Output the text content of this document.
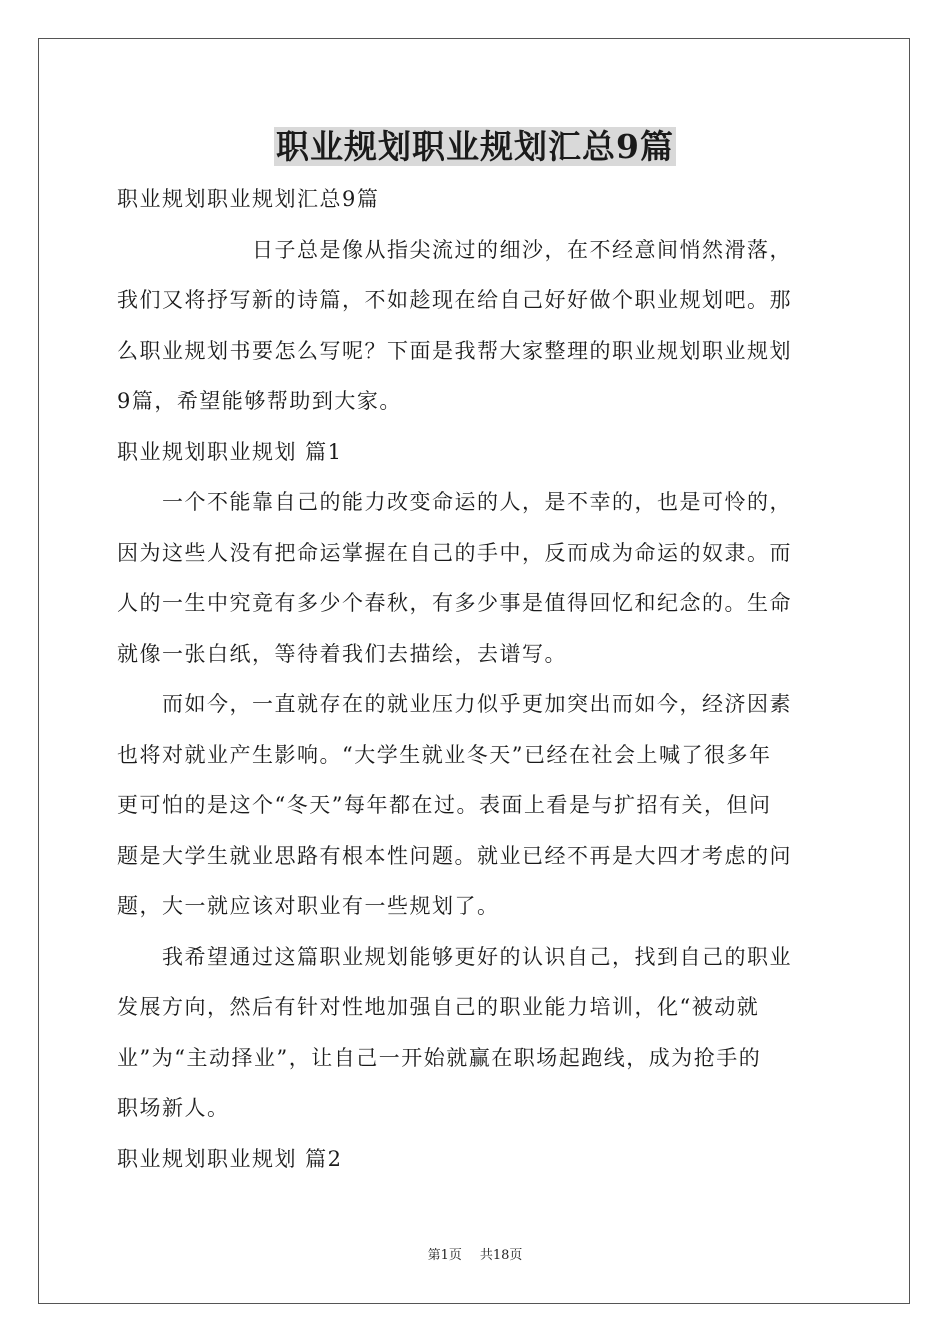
职业规划职业规划汇总9篇
职业规划职业规划汇总9篇
　　　　　　日子总是像从指尖流过的细沙，在不经意间悄然滑落，
我们又将抒写新的诗篇，不如趁现在给自己好好做个职业规划吧。那
么职业规划书要怎么写呢？下面是我帮大家整理的职业规划职业规划
9篇，希望能够帮助到大家。
职业规划职业规划 篇1
　　一个不能靠自己的能力改变命运的人，是不幸的，也是可怜的，
因为这些人没有把命运掌握在自己的手中，反而成为命运的奴隶。而
人的一生中究竟有多少个春秋，有多少事是值得回忆和纪念的。生命
就像一张白纸，等待着我们去描绘，去谱写。
　　而如今，一直就存在的就业压力似乎更加突出而如今，经济因素
也将对就业产生影响。“大学生就业冬天”已经在社会上喊了很多年
更可怕的是这个“冬天”每年都在过。表面上看是与扩招有关，但问
题是大学生就业思路有根本性问题。就业已经不再是大四才考虑的问
题，大一就应该对职业有一些规划了。
　　我希望通过这篇职业规划能够更好的认识自己，找到自己的职业
发展方向，然后有针对性地加强自己的职业能力培训，化“被动就
业”为“主动择业”，让自己一开始就赢在职场起跑线，成为抢手的
职场新人。
职业规划职业规划 篇2
第1页 共18页
